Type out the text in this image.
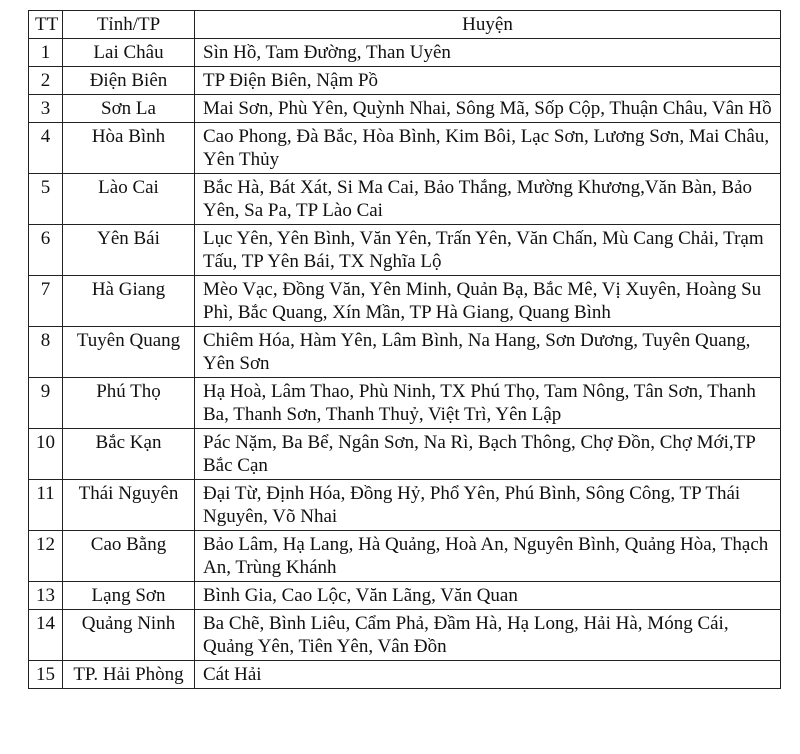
TT	Tỉnh/TP	Huyện
1	Lai Châu	Sìn Hồ, Tam Đường, Than Uyên
2	Điện Biên	TP Điện Biên, Nậm Pồ
3	Sơn La	Mai Sơn, Phù Yên, Quỳnh Nhai, Sông Mã, Sốp Cộp, Thuận Châu, Vân Hồ
4	Hòa Bình	Cao Phong, Đà Bắc, Hòa Bình, Kim Bôi, Lạc Sơn, Lương Sơn, Mai Châu, Yên Thủy
5	Lào Cai	Bắc Hà, Bát Xát, Si Ma Cai, Bảo Thắng, Mường Khương,Văn Bàn, Bảo Yên, Sa Pa, TP Lào Cai
6	Yên Bái	Lục Yên, Yên Bình, Văn Yên, Trấn Yên, Văn Chấn, Mù Cang Chải, Trạm Tấu, TP Yên Bái, TX Nghĩa Lộ
7	Hà Giang	Mèo Vạc, Đồng Văn, Yên Minh, Quản Bạ, Bắc Mê, Vị Xuyên, Hoàng Su Phì, Bắc Quang, Xín Mần, TP Hà Giang, Quang Bình
8	Tuyên Quang	Chiêm Hóa, Hàm Yên, Lâm Bình, Na Hang, Sơn Dương, Tuyên Quang, Yên Sơn
9	Phú Thọ	Hạ Hoà, Lâm Thao, Phù Ninh, TX Phú Thọ, Tam Nông, Tân Sơn, Thanh Ba, Thanh Sơn, Thanh Thuỷ, Việt Trì, Yên Lập
10	Bắc Kạn	Pác Nặm, Ba Bể, Ngân Sơn, Na Rì, Bạch Thông, Chợ Đồn, Chợ Mới,TP Bắc Cạn
11	Thái Nguyên	Đại Từ, Định Hóa, Đồng Hỷ, Phổ Yên, Phú Bình, Sông Công, TP Thái Nguyên, Võ Nhai
12	Cao Bằng	Bảo Lâm, Hạ Lang, Hà Quảng, Hoà An, Nguyên Bình, Quảng Hòa, Thạch An, Trùng Khánh
13	Lạng Sơn	Bình Gia, Cao Lộc, Văn Lãng, Văn Quan
14	Quảng Ninh	Ba Chẽ, Bình Liêu, Cẩm Phả, Đầm Hà, Hạ Long, Hải Hà, Móng Cái, Quảng Yên, Tiên Yên, Vân Đồn
15	TP. Hải Phòng	Cát Hải
